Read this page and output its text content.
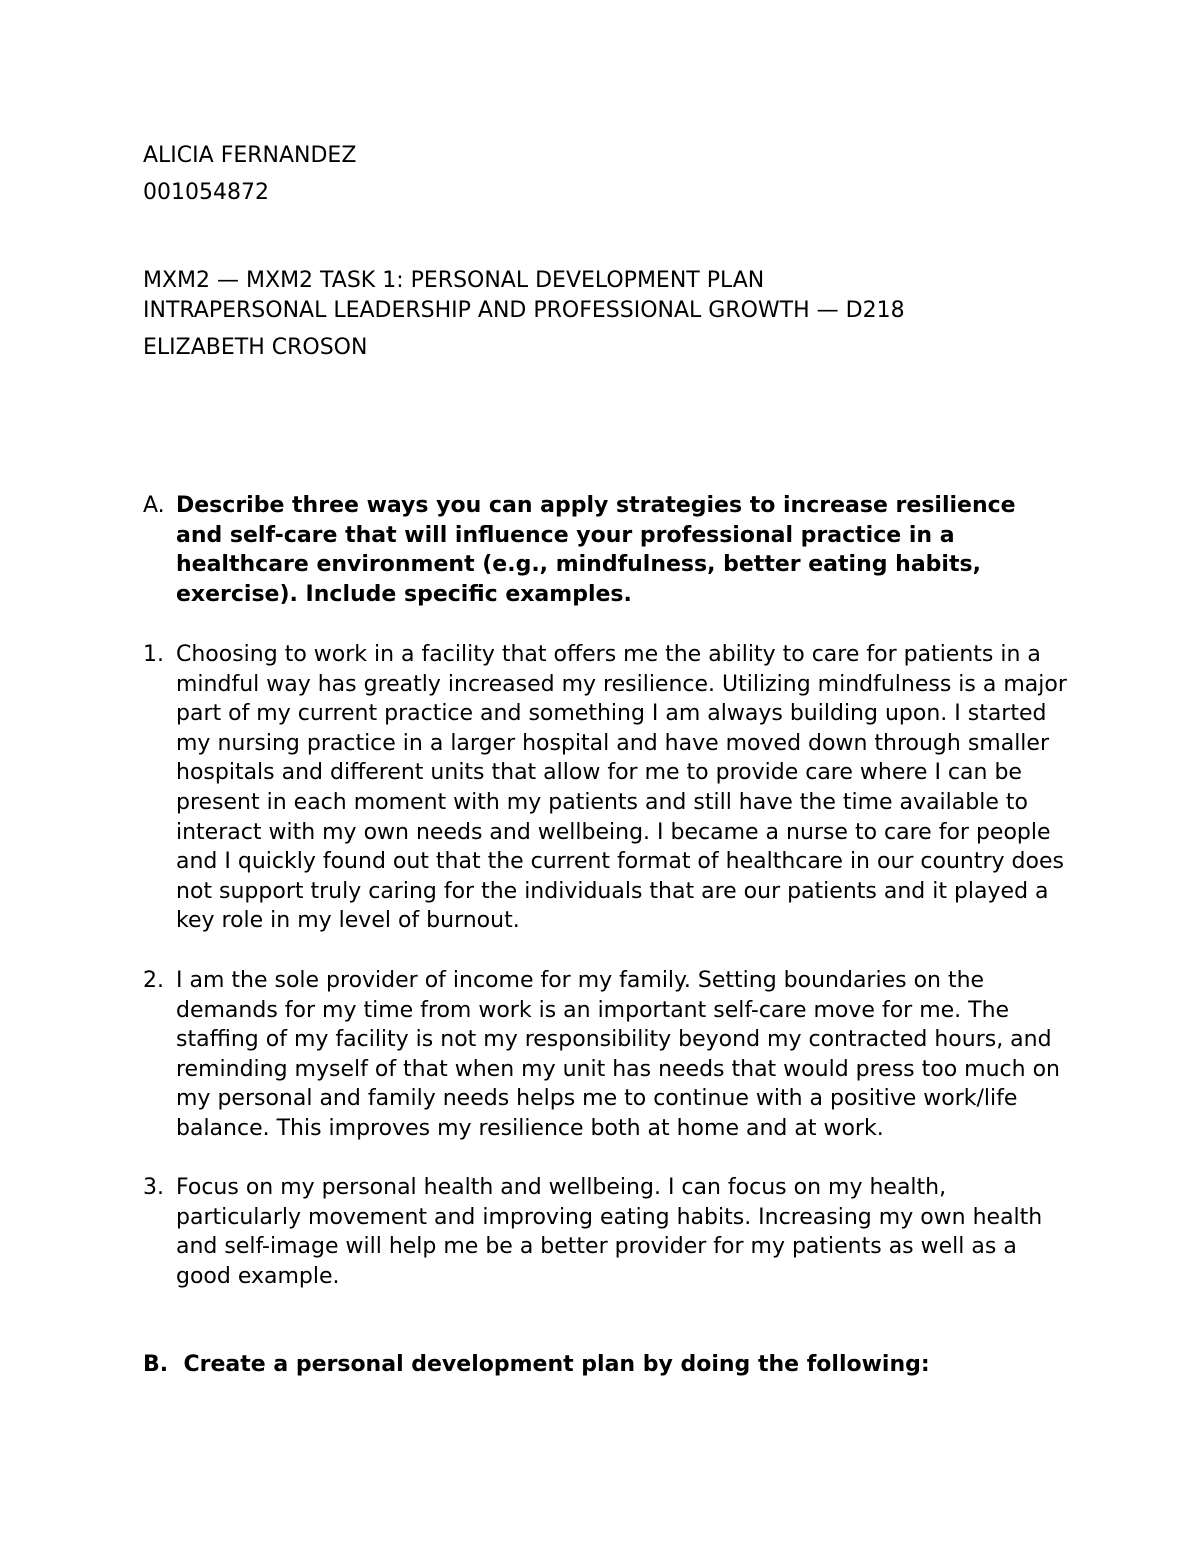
ALICIA FERNANDEZ
001054872
MXM2 — MXM2 TASK 1: PERSONAL DEVELOPMENT PLAN
INTRAPERSONAL LEADERSHIP AND PROFESSIONAL GROWTH — D218
ELIZABETH CROSON
A. Describe three ways you can apply strategies to increase resilience and self-care that will influence your professional practice in a healthcare environment (e.g., mindfulness, better eating habits, exercise). Include specific examples.
1. Choosing to work in a facility that offers me the ability to care for patients in a mindful way has greatly increased my resilience. Utilizing mindfulness is a major part of my current practice and something I am always building upon. I started my nursing practice in a larger hospital and have moved down through smaller hospitals and different units that allow for me to provide care where I can be present in each moment with my patients and still have the time available to interact with my own needs and wellbeing. I became a nurse to care for people and I quickly found out that the current format of healthcare in our country does not support truly caring for the individuals that are our patients and it played a key role in my level of burnout.
2. I am the sole provider of income for my family. Setting boundaries on the demands for my time from work is an important self-care move for me. The staffing of my facility is not my responsibility beyond my contracted hours, and reminding myself of that when my unit has needs that would press too much on my personal and family needs helps me to continue with a positive work/life balance. This improves my resilience both at home and at work.
3. Focus on my personal health and wellbeing. I can focus on my health, particularly movement and improving eating habits. Increasing my own health and self-image will help me be a better provider for my patients as well as a good example.
B. Create a personal development plan by doing the following:
